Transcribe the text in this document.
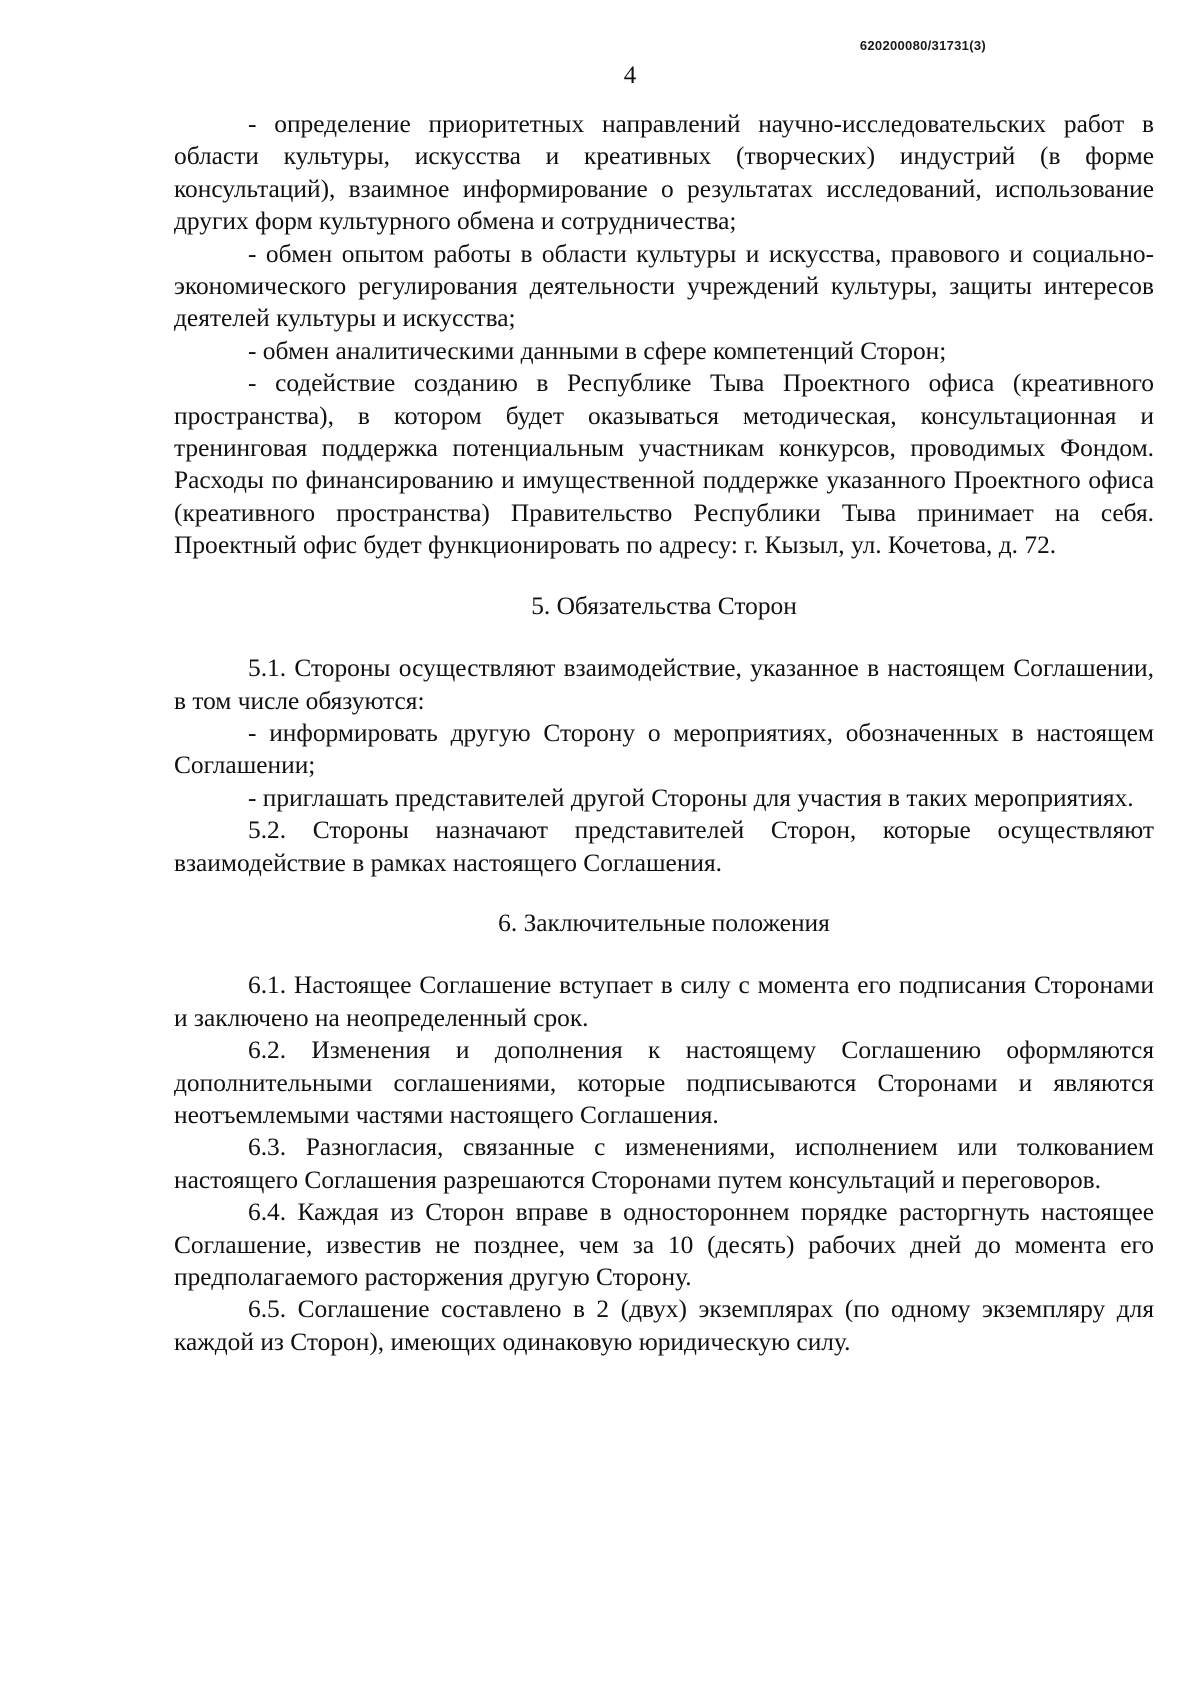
620200080/31731(3)
4

- определение приоритетных направлений научно-исследовательских работ в области культуры, искусства и креативных (творческих) индустрий (в форме консультаций), взаимное информирование о результатах исследований, использование других форм культурного обмена и сотрудничества;

- обмен опытом работы в области культуры и искусства, правового и социально-экономического регулирования деятельности учреждений культуры, защиты интересов деятелей культуры и искусства;

- обмен аналитическими данными в сфере компетенций Сторон;

- содействие созданию в Республике Тыва Проектного офиса (креативного пространства), в котором будет оказываться методическая, консультационная и тренинговая поддержка потенциальным участникам конкурсов, проводимых Фондом. Расходы по финансированию и имущественной поддержке указанного Проектного офиса (креативного пространства) Правительство Республики Тыва принимает на себя. Проектный офис будет функционировать по адресу: г. Кызыл, ул. Кочетова, д. 72.

5. Обязательства Сторон

5.1. Стороны осуществляют взаимодействие, указанное в настоящем Соглашении, в том числе обязуются:

- информировать другую Сторону о мероприятиях, обозначенных в настоящем Соглашении;

- приглашать представителей другой Стороны для участия в таких мероприятиях.

5.2. Стороны назначают представителей Сторон, которые осуществляют взаимодействие в рамках настоящего Соглашения.

6. Заключительные положения

6.1. Настоящее Соглашение вступает в силу с момента его подписания Сторонами и заключено на неопределенный срок.

6.2. Изменения и дополнения к настоящему Соглашению оформляются дополнительными соглашениями, которые подписываются Сторонами и являются неотъемлемыми частями настоящего Соглашения.

6.3. Разногласия, связанные с изменениями, исполнением или толкованием настоящего Соглашения разрешаются Сторонами путем консультаций и переговоров.

6.4. Каждая из Сторон вправе в одностороннем порядке расторгнуть настоящее Соглашение, известив не позднее, чем за 10 (десять) рабочих дней до момента его предполагаемого расторжения другую Сторону.

6.5. Соглашение составлено в 2 (двух) экземплярах (по одному экземпляру для каждой из Сторон), имеющих одинаковую юридическую силу.
